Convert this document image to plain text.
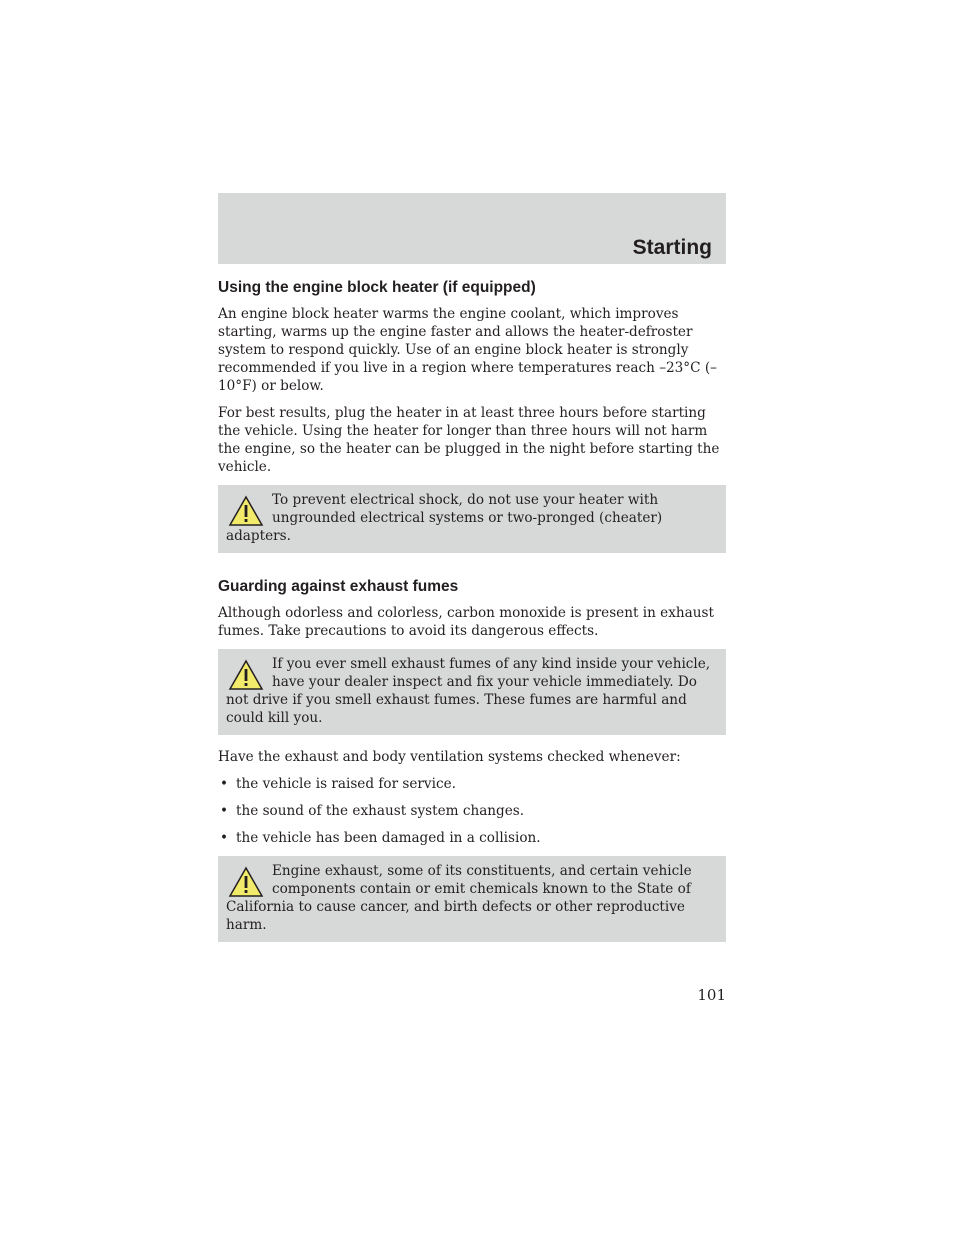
Starting
Using the engine block heater (if equipped)

An engine block heater warms the engine coolant, which improves starting, warms up the engine faster and allows the heater-defroster system to respond quickly. Use of an engine block heater is strongly recommended if you live in a region where temperatures reach –23°C (–10°F) or below.

For best results, plug the heater in at least three hours before starting the vehicle. Using the heater for longer than three hours will not harm the engine, so the heater can be plugged in the night before starting the vehicle.

To prevent electrical shock, do not use your heater with ungrounded electrical systems or two-pronged (cheater) adapters.
Guarding against exhaust fumes

Although odorless and colorless, carbon monoxide is present in exhaust fumes. Take precautions to avoid its dangerous effects.

If you ever smell exhaust fumes of any kind inside your vehicle, have your dealer inspect and fix your vehicle immediately. Do not drive if you smell exhaust fumes. These fumes are harmful and could kill you.

Have the exhaust and body ventilation systems checked whenever:

• the vehicle is raised for service.
• the sound of the exhaust system changes.
• the vehicle has been damaged in a collision.
Engine exhaust, some of its constituents, and certain vehicle components contain or emit chemicals known to the State of California to cause cancer, and birth defects or other reproductive harm.
101
